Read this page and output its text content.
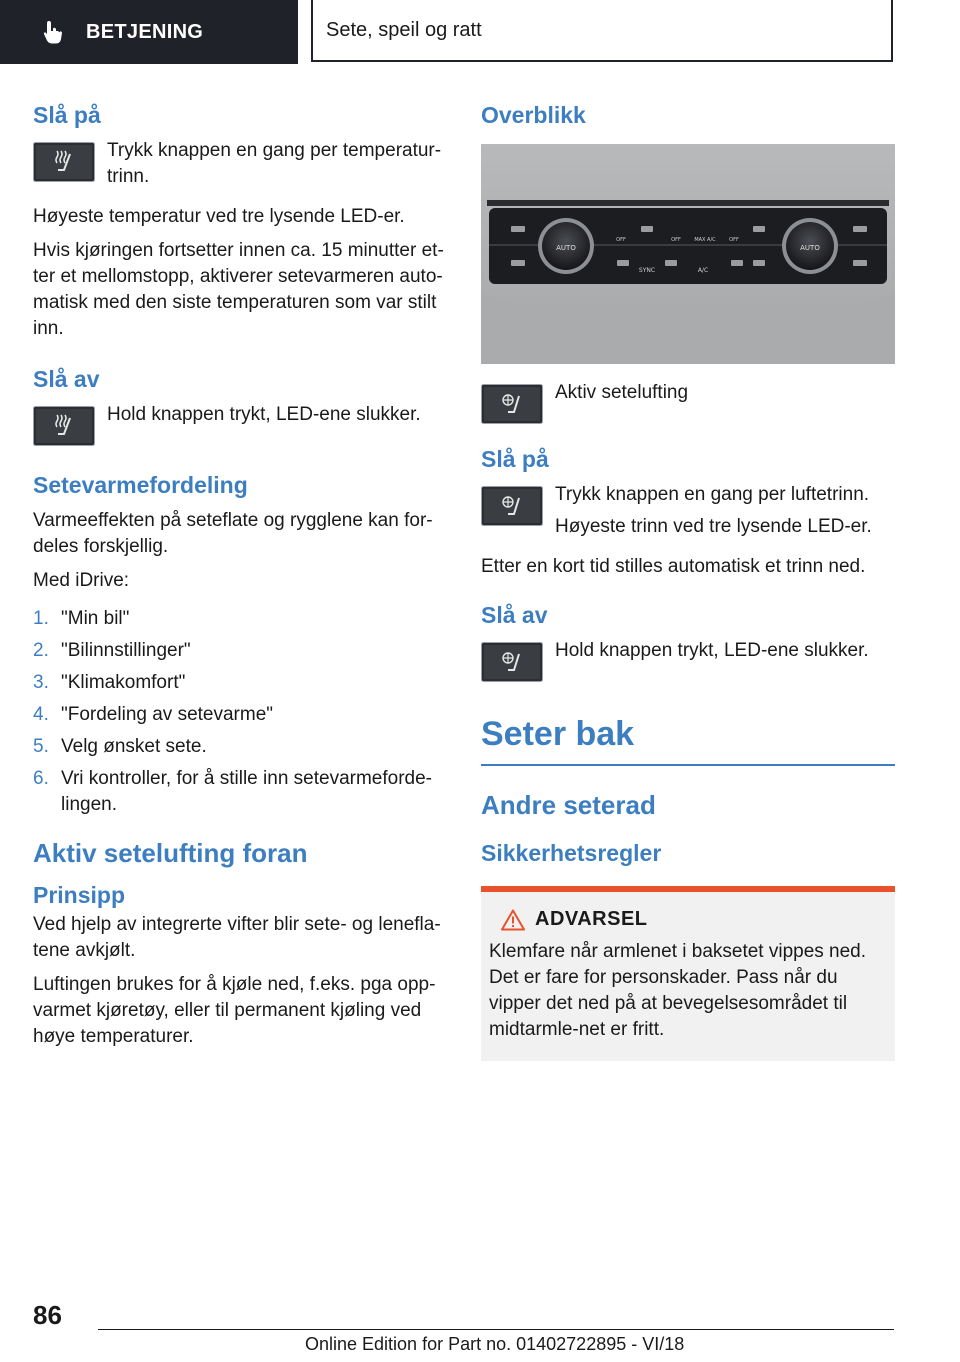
BETJENING	Sete, speil og ratt
Slå på

Trykk knappen en gang per temperatur-trinn.

Høyeste temperatur ved tre lysende LED-er.

Hvis kjøringen fortsetter innen ca. 15 minutter et-ter et mellomstopp, aktiverer setevarmeren auto-matisk med den siste temperaturen som var stilt inn.

Slå av

Hold knappen trykt, LED-ene slukker.

Setevarmefordeling

Varmeeffekten på seteflate og rygglene kan for-deles forskjellig.

Med iDrive:

1. "Min bil"
2. "Bilinnstillinger"
3. "Klimakomfort"
4. "Fordeling av setevarme"
5. Velg ønsket sete.
6. Vri kontroller, for å stille inn setevarmeforde-lingen.
Aktiv setelufting foran
Prinsipp

Ved hjelp av integrerte vifter blir sete- og lenefla-tene avkjølt.

Luftingen brukes for å kjøle ned, f.eks. pga opp-varmet kjøretøy, eller til permanent kjøling ved høye temperaturer.

Overblikk
AUTO	AUTO
OFF	OFF	MAX A/C	OFF
SYNC	A/C

Aktiv setelufting

Slå på

Trykk knappen en gang per luftetrinn.

Høyeste trinn ved tre lysende LED-er.

Etter en kort tid stilles automatisk et trinn ned.

Slå av

Hold knappen trykt, LED-ene slukker.

Seter bak
Andre seterad
Sikkerhetsregler
ADVARSEL

Klemfare når armlenet i baksetet vippes ned. Det er fare for personskader. Pass når du vipper det ned på at bevegelsesområdet til midtarmle-net er fritt.

86
Online Edition for Part no. 01402722895 - VI/18
